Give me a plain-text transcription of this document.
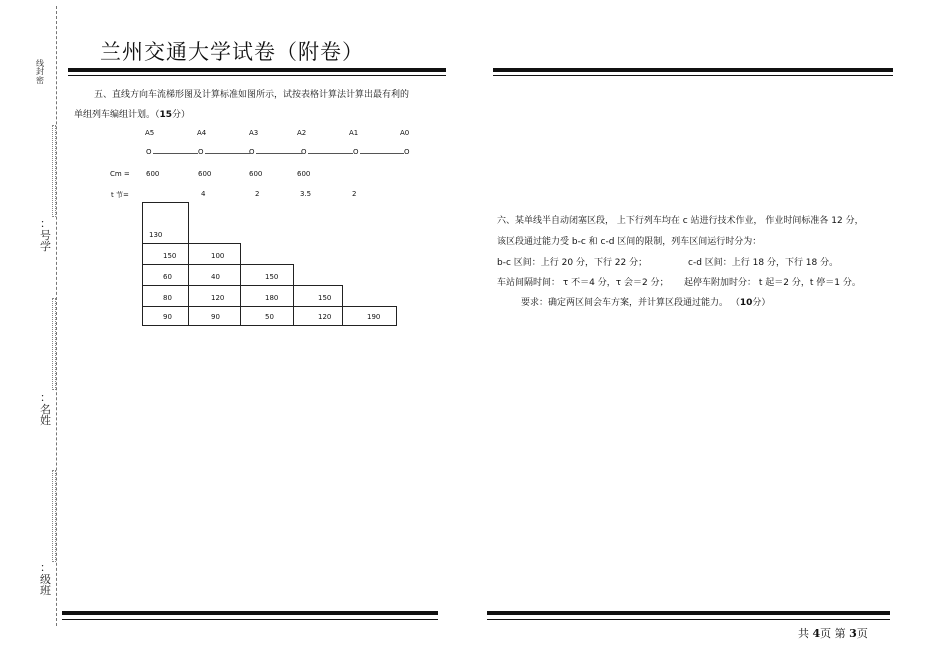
线
封
密
：
号
学
：
名
姓
：
级
班
兰州交通大学试卷（附卷）
五、直线方向车流梯形图及计算标准如图所示，试按表格计算法计算出最有利的
单组列车编组计划。（15分）
A5	A4	A3	A2	A1	A0
O	O	O	O	O	O
Cm = 600	600	600	600
t 节=	4	2	3.5	2
130
150	100
60	40	150
80	120	180	150
90	90	50	120	190
六、某单线半自动闭塞区段， 上下行列车均在 c 站进行技术作业， 作业时间标准各 12 分，
该区段通过能力受 b-c 和 c-d 区间的限制，列车区间运行时分为：
b-c 区间：上行 20 分，下行 22 分；	c-d 区间：上行 18 分，下行 18 分。
车站间隔时间： τ 不＝4 分，τ 会＝2 分； 起停车附加时分： t 起＝2 分，t 停＝1 分。
要求：确定两区间会车方案，并计算区段通过能力。 （10分）
共 4页 第 3页
